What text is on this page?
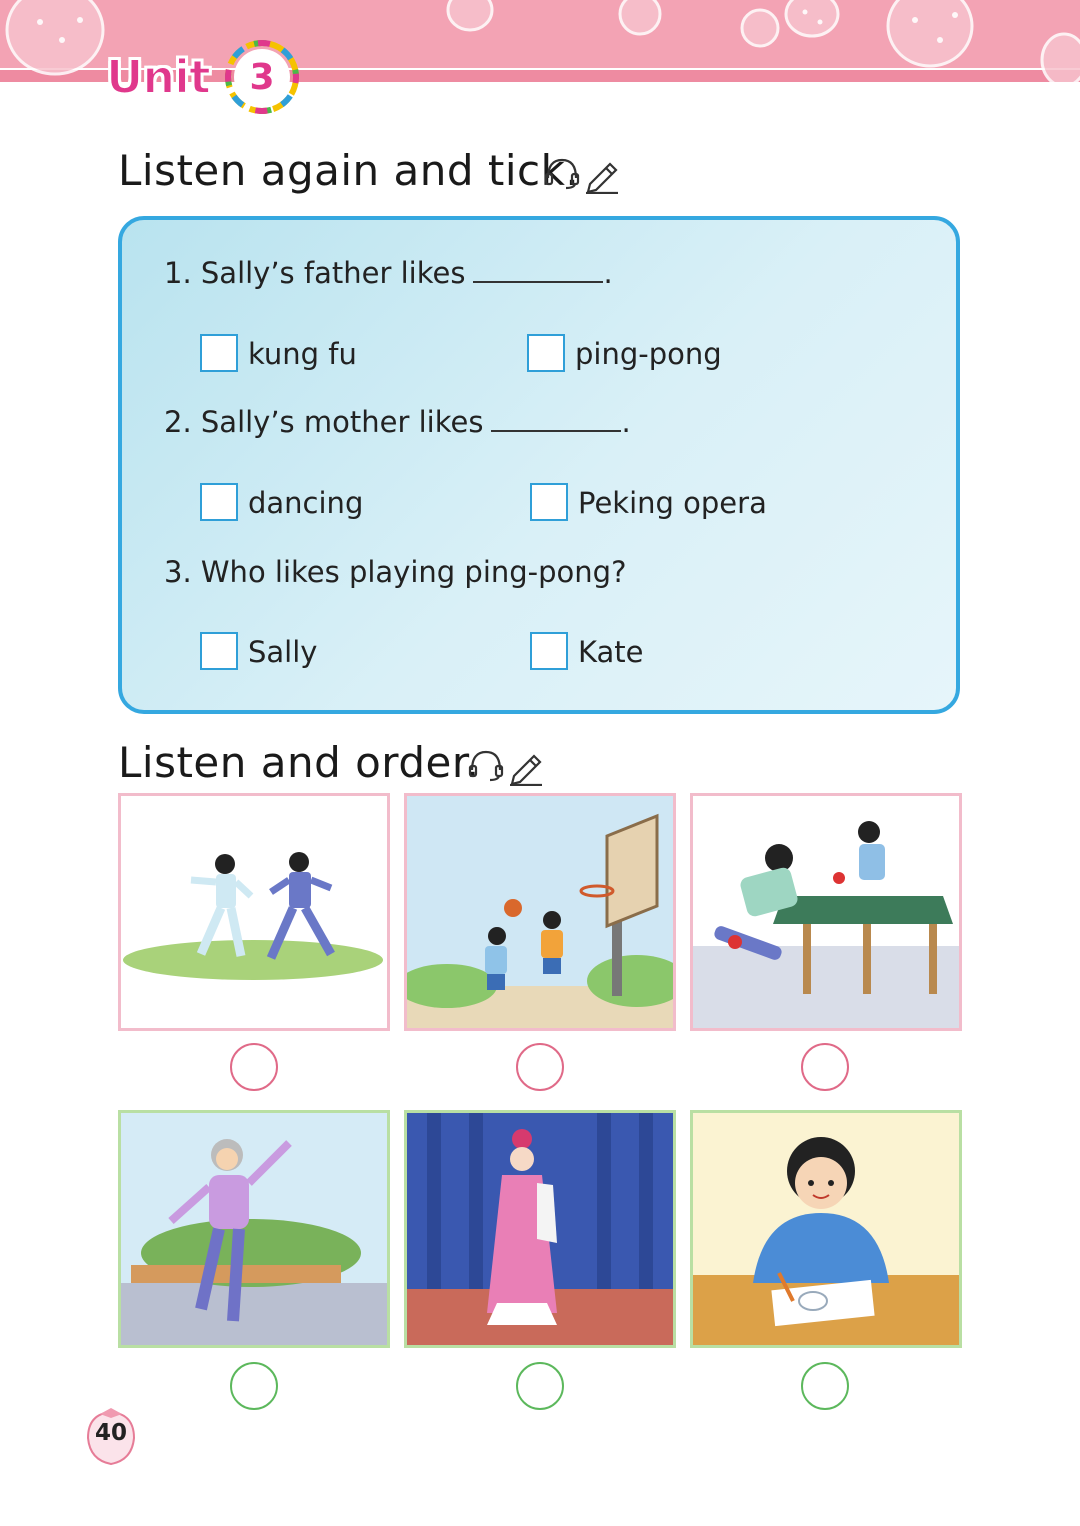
Unit	3
Listen again and tick.
1. Sally’s father likes	.
kung fu	ping-pong
2. Sally’s mother likes	.
dancing	Peking opera
3. Who likes playing ping-pong?
Sally	Kate
Listen and order.
40
